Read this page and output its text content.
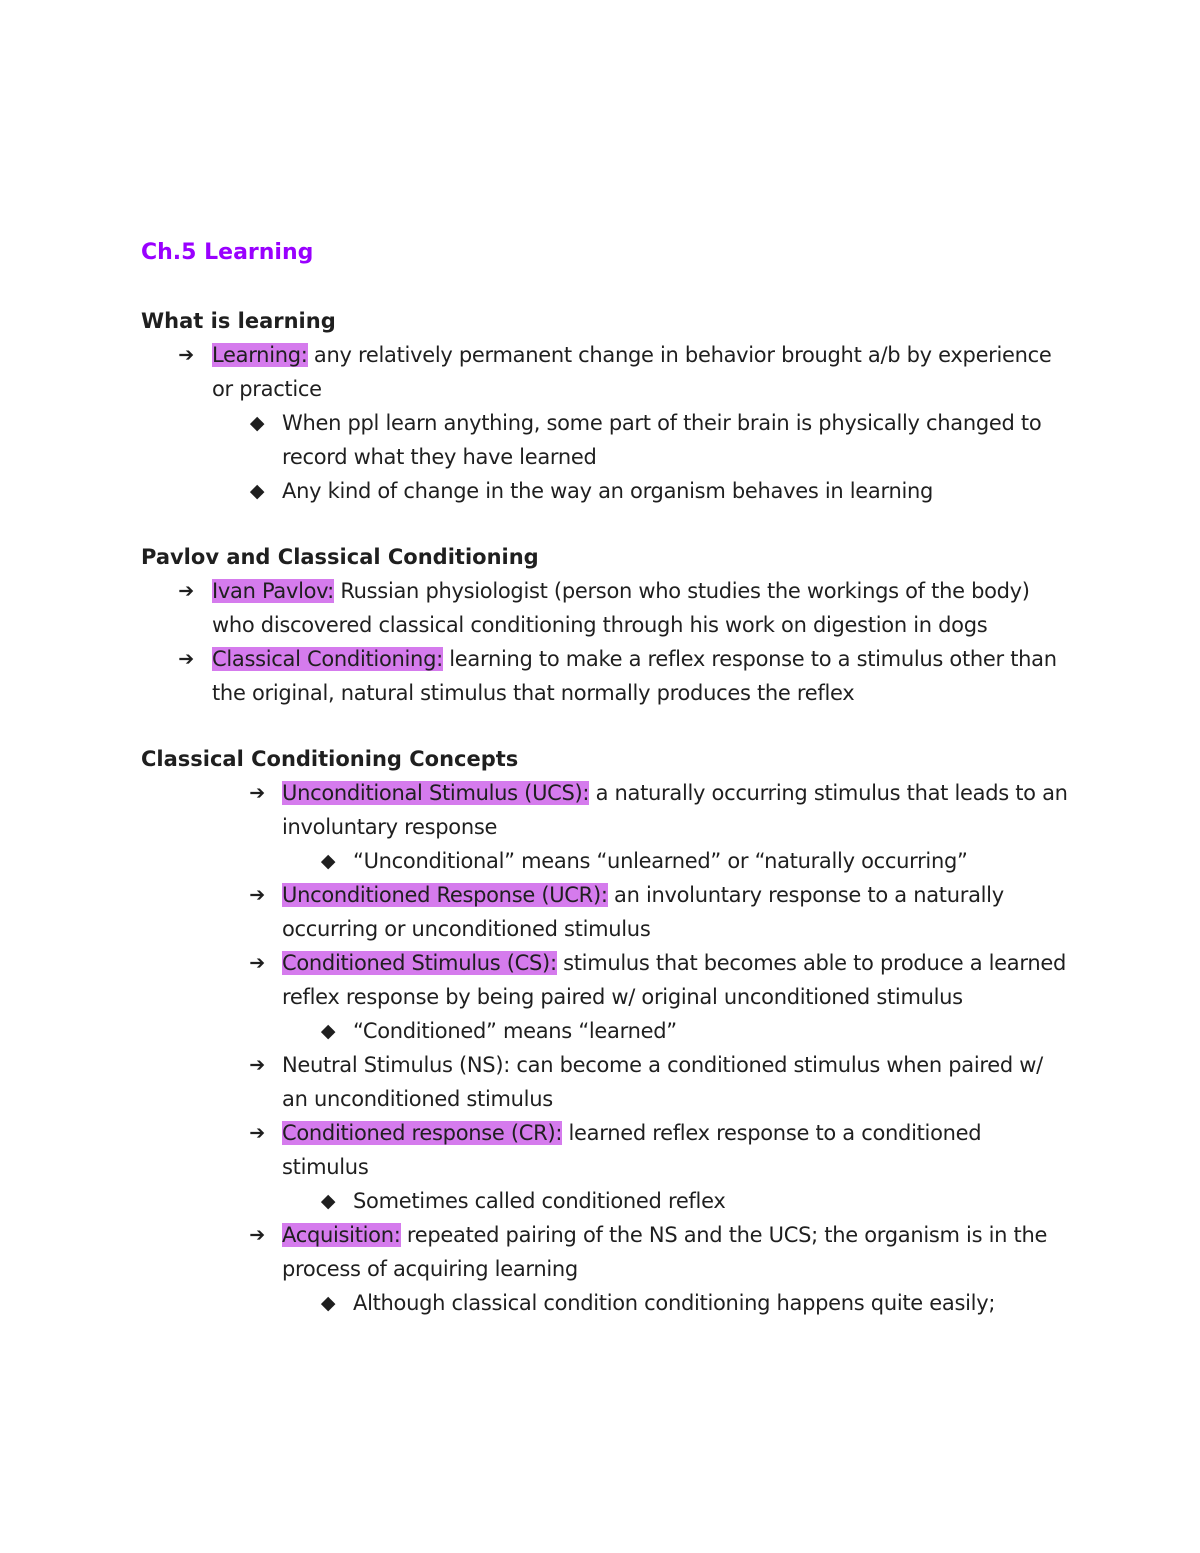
Ch.5 Learning
What is learning
➔ Learning: any relatively permanent change in behavior brought a/b by experience or practice
◆ When ppl learn anything, some part of their brain is physically changed to record what they have learned
◆ Any kind of change in the way an organism behaves in learning
Pavlov and Classical Conditioning
➔ Ivan Pavlov: Russian physiologist (person who studies the workings of the body) who discovered classical conditioning through his work on digestion in dogs
➔ Classical Conditioning: learning to make a reflex response to a stimulus other than the original, natural stimulus that normally produces the reflex
Classical Conditioning Concepts
➔ Unconditional Stimulus (UCS): a naturally occurring stimulus that leads to an involuntary response
◆ “Unconditional” means “unlearned” or “naturally occurring”
➔ Unconditioned Response (UCR): an involuntary response to a naturally occurring or unconditioned stimulus
➔ Conditioned Stimulus (CS): stimulus that becomes able to produce a learned reflex response by being paired w/ original unconditioned stimulus
◆ “Conditioned” means “learned”
➔ Neutral Stimulus (NS): can become a conditioned stimulus when paired w/ an unconditioned stimulus
➔ Conditioned response (CR): learned reflex response to a conditioned stimulus
◆ Sometimes called conditioned reflex
➔ Acquisition: repeated pairing of the NS and the UCS; the organism is in the process of acquiring learning
◆ Although classical condition conditioning happens quite easily;
